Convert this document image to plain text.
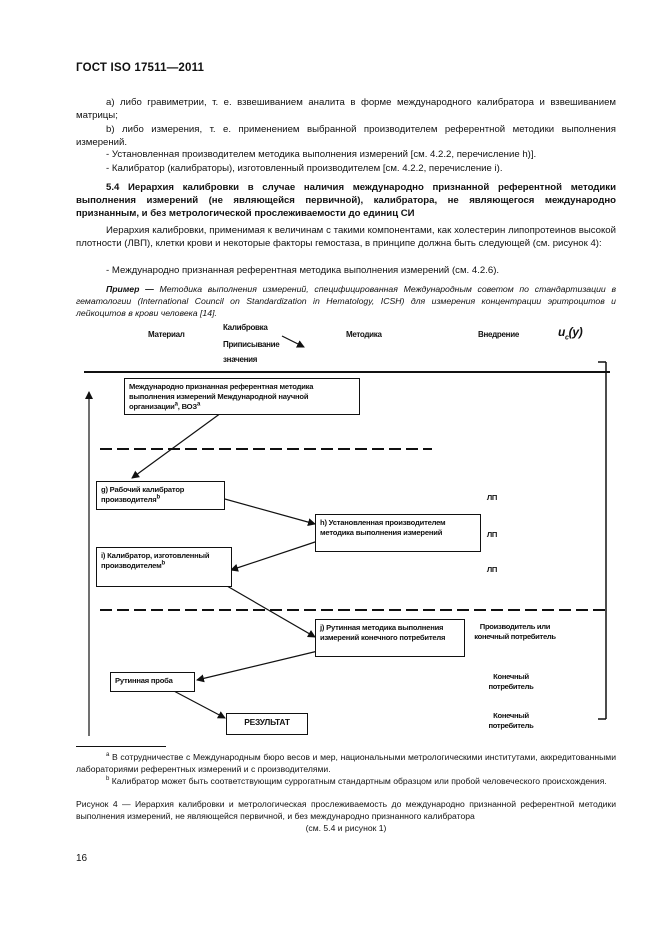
ГОСТ ISO 17511—2011
а) либо гравиметрии, т. е. взвешиванием аналита в форме международного калибратора и взвешиванием матрицы;
b) либо измерения, т. е. применением выбранной производителем референтной методики выполнения измерений.
- Установленная производителем методика выполнения измерений [см. 4.2.2, перечисление h)].
- Калибратор (калибраторы), изготовленный производителем [см. 4.2.2, перечисление i).
5.4 Иерархия калибровки в случае наличия международно признанной референтной методики выполнения измерений (не являющейся первичной), калибратора, не являющегося международно признанным, и без метрологической прослеживаемости до единиц СИ
Иерархия калибровки, применимая к величинам с такими компонентами, как холестерин липопротеинов высокой плотности (ЛВП), клетки крови и некоторые факторы гемостаза, в принципе должна быть следующей (см. рисунок 4):
- Международно признанная референтная методика выполнения измерений (см. 4.2.6).
Пример — Методика выполнения измерений, специфицированная Международным советом по стандартизации в гематологии (International Council on Standardization in Hematology, ICSH) для измерения концентрации эритроцитов и лейкоцитов в крови человека [14].
Материал
Калибровка
Приписывание
значения
Методика	Внедрение	$u_c(y)$
Международно признанная референтная методика выполнения измерений Международной научной организации$^a$, ВОЗ$^a$
g) Рабочий калибратор производителя$^b$
h) Установленная производителем методика выполнения измерений
i) Калибратор, изготовленный производителем$^b$
j) Рутинная методика выполнения измерений конечного потребителя
Рутинная проба
РЕЗУЛЬТАТ
ЛП
ЛП
ЛП
Производитель или конечный потребитель
Конечный потребитель
Конечный потребитель
$^a$ В сотрудничестве с Международным бюро весов и мер, национальными метрологическими институтами, аккредитованными лабораториями референтных измерений и с производителями.
$^b$ Калибратор может быть соответствующим суррогатным стандартным образцом или пробой человеческого происхождения.
Рисунок 4 — Иерархия калибровки и метрологическая прослеживаемость до международно признанной референтной методики выполнения измерений, не являющейся первичной, и без международно признанного калибратора
(см. 5.4 и рисунок 1)
16
